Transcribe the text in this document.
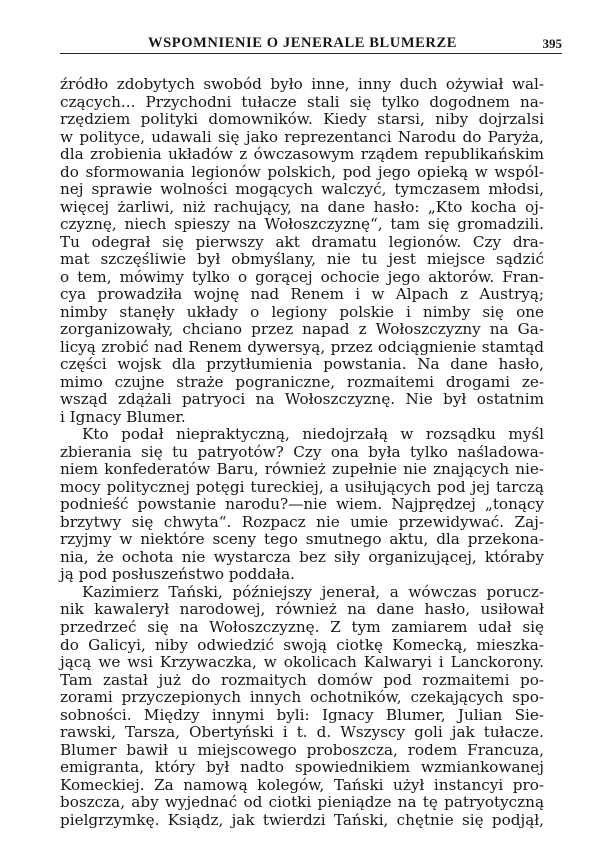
WSPOMNIENIE O JENERALE BLUMERZE	395
źródło zdobytych swobód było inne, inny duch ożywiał wal-
czących... Przychodni tułacze stali się tylko dogodnem na-
rzędziem polityki domowników. Kiedy starsi, niby dojrzalsi
w polityce, udawali się jako reprezentanci Narodu do Paryża,
dla zrobienia układów z ówczasowym rządem republikańskim
do sformowania legionów polskich, pod jego opieką w wspól-
nej sprawie wolności mogących walczyć, tymczasem młodsi,
więcej żarliwi, niż rachujący, na dane hasło: „Kto kocha oj-
czyznę, niech spieszy na Wołoszczyznę“, tam się gromadzili.
Tu odegrał się pierwszy akt dramatu legionów. Czy dra-
mat szczęśliwie był obmyślany, nie tu jest miejsce sądzić
o tem, mówimy tylko o gorącej ochocie jego aktorów. Fran-
cya prowadziła wojnę nad Renem i w Alpach z Austryą;
nimby stanęły układy o legiony polskie i nimby się one
zorganizowały, chciano przez napad z Wołoszczyzny na Ga-
licyą zrobić nad Renem dywersyą, przez odciągnienie stamtąd
części wojsk dla przytłumienia powstania. Na dane hasło,
mimo czujne straże pograniczne, rozmaitemi drogami ze-
wsząd zdążali patryoci na Wołoszczyznę. Nie był ostatnim
i Ignacy Blumer.
Kto podał niepraktyczną, niedojrzałą w rozsądku myśl
zbierania się tu patryotów? Czy ona była tylko naśladowa-
niem konfederatów Baru, również zupełnie nie znających nie-
mocy politycznej potęgi tureckiej, a usiłujących pod jej tarczą
podnieść powstanie narodu?—nie wiem. Najprędzej „tonący
brzytwy się chwyta“. Rozpacz nie umie przewidywać. Zaj-
rzyjmy w niektóre sceny tego smutnego aktu, dla przekona-
nia, że ochota nie wystarcza bez siły organizującej, któraby
ją pod posłuszeństwo poddała.
Kazimierz Tański, późniejszy jenerał, a wówczas porucz-
nik kawalerył narodowej, również na dane hasło, usiłował
przedrzeć się na Wołoszczyznę. Z tym zamiarem udał się
do Galicyi, niby odwiedzić swoją ciotkę Komecką, mieszka-
jącą we wsi Krzywaczka, w okolicach Kalwaryi i Lanckorony.
Tam zastał już do rozmaitych domów pod rozmaitemi po-
zorami przyczepionych innych ochotników, czekających spo-
sobności. Między innymi byli: Ignacy Blumer, Julian Sie-
rawski, Tarsza, Obertyński i t. d. Wszyscy goli jak tułacze.
Blumer bawił u miejscowego proboszcza, rodem Francuza,
emigranta, który był nadto spowiednikiem wzmiankowanej
Komeckiej. Za namową kolegów, Tański użył instancyi pro-
boszcza, aby wyjednać od ciotki pieniądze na tę patryotyczną
pielgrzymkę. Ksiądz, jak twierdzi Tański, chętnie się podjął,
